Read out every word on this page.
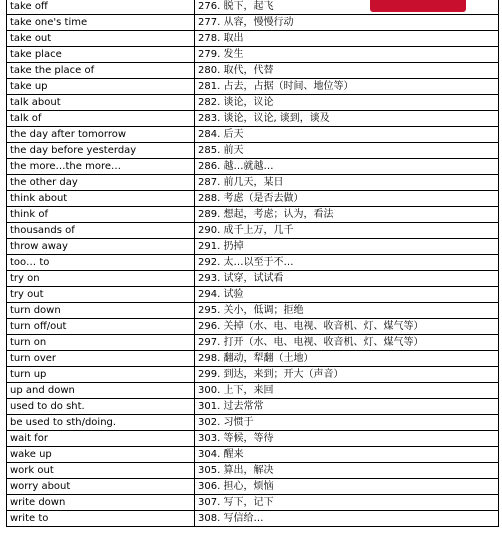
take off	276. 脱下，起飞
take one's time	277. 从容，慢慢行动
take out	278. 取出
take place	279. 发生
take the place of	280. 取代，代替
take up	281. 占去，占据（时间、地位等）
talk about	282. 谈论，议论
talk of	283. 谈论，议论, 谈到，谈及
the day after tomorrow	284. 后天
the day before yesterday	285. 前天
the more…the more…	286. 越…就越…
the other day	287. 前几天，某日
think about	288. 考虑（是否去做）
think of	289. 想起，考虑；认为，看法
thousands of	290. 成千上万，几千
throw away	291. 扔掉
too… to	292. 太…以至于不…
try on	293. 试穿，试试看
try out	294. 试验
turn down	295. 关小，低调；拒绝
turn off/out	296. 关掉（水、电、电视、收音机、灯、煤气等）
turn on	297. 打开（水、电、电视、收音机、灯、煤气等）
turn over	298. 翻动，犁翻（土地）
turn up	299. 到达，来到；开大（声音）
up and down	300. 上下，来回
used to do sht.	301. 过去常常
be used to sth/doing.	302. 习惯于
wait for	303. 等候，等待
wake up	304. 醒来
work out	305. 算出，解决
worry about	306. 担心，烦恼
write down	307. 写下，记下
write to	308. 写信给…
